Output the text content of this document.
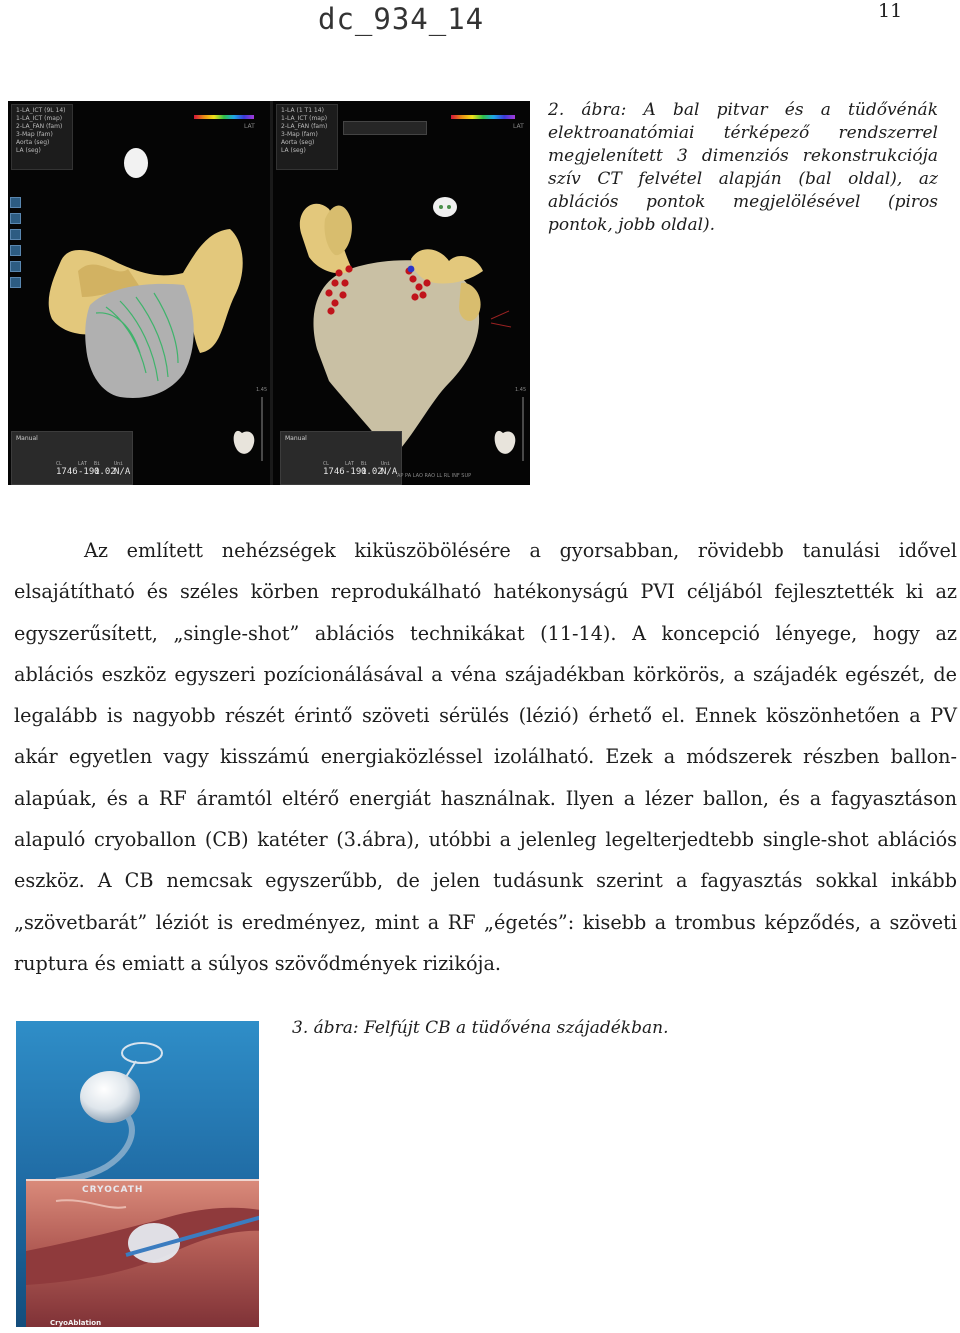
dc_934_14	11
1-LA_ICT (9L 14)
1-LA_ICT (map)
2-LA_FAN (fam)
3-Map (fam)
Aorta (seg)
LA (seg)
LAT
1.45
Manual
CL
1746
LAT
-191
Bi
0.02
Uni
N/A
1-LA (1 T1 14)
1-LA_ICT (map)
2-LA_FAN (fam)
3-Map (fam)
Aorta (seg)
LA (seg)
LAT
1.45
Manual
CL
1746
LAT
-191
Bi
0.02
Uni
N/A AP PA LAO RAO LL RL INF SUP
2. ábra: A bal pitvar és a tüdővénák elektroanatómiai térképező rendszerrel megjelenített 3 dimenziós rekonstrukciója szív CT felvétel alapján (bal oldal), az ablációs pontok megjelölésével (piros pontok, jobb oldal).

Az említett nehézségek kiküszöbölésére a gyorsabban, rövidebb tanulási idővel elsajátítható és széles körben reprodukálható hatékonyságú PVI céljából fejlesztették ki az egyszerűsített, „single-shot” ablációs technikákat (11-14). A koncepció lényege, hogy az ablációs eszköz egyszeri pozícionálásával a véna szájadékban körkörös, a szájadék egészét, de legalább is nagyobb részét érintő szöveti sérülés (lézió) érhető el. Ennek köszönhetően a PV akár egyetlen vagy kisszámú energiaközléssel izolálható. Ezek a módszerek részben ballon-alapúak, és a RF áramtól eltérő energiát használnak. Ilyen a lézer ballon, és a fagyasztáson alapuló cryoballon (CB) katéter (3.ábra), utóbbi a jelenleg legelterjedtebb single-shot ablációs eszköz. A CB nemcsak egyszerűbb, de jelen tudásunk szerint a fagyasztás sokkal inkább „szövetbarát” léziót is eredményez, mint a RF „égetés”: kisebb a trombus képződés, a szöveti ruptura és emiatt a súlyos szövődmények rizikója.

CRYOCATH
CryoAblation
3. ábra: Felfújt CB a tüdővéna szájadékban.
